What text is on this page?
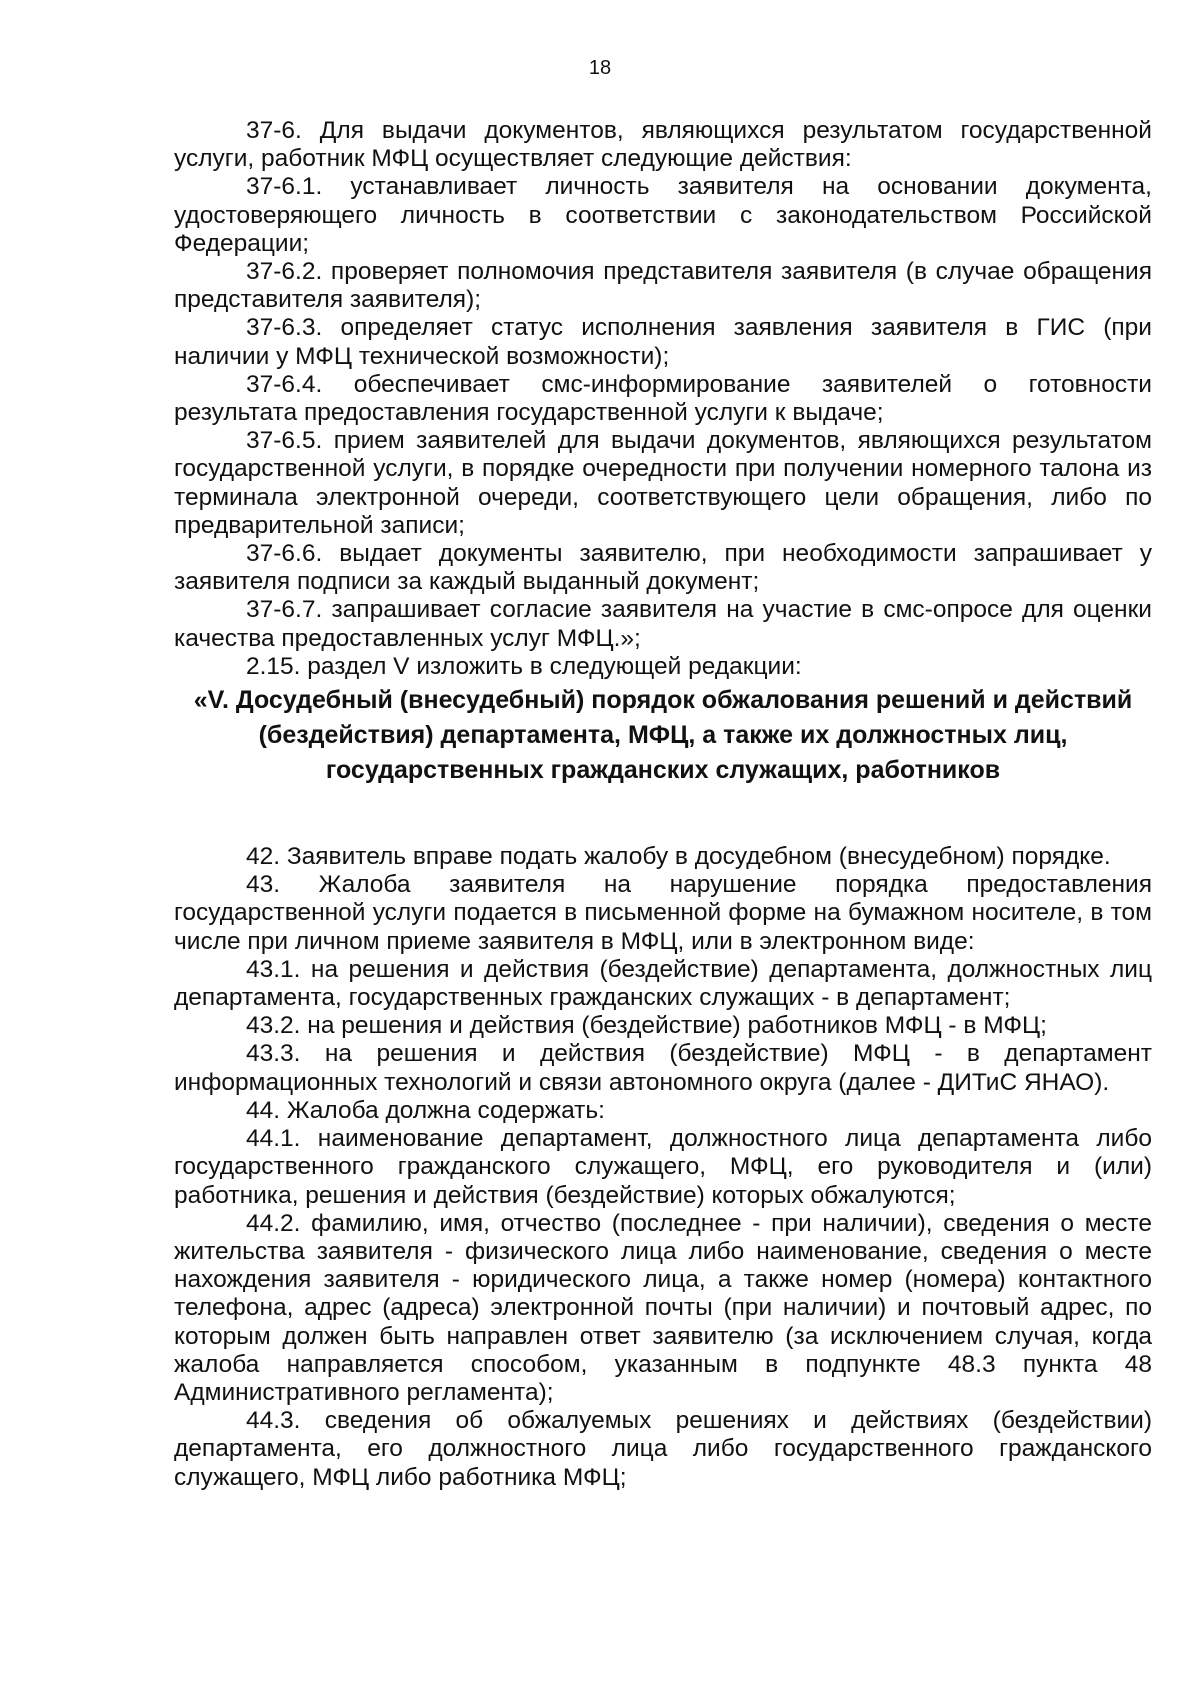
18

37-6. Для выдачи документов, являющихся результатом государственной услуги, работник МФЦ осуществляет следующие действия:

37-6.1. устанавливает личность заявителя на основании документа, удостоверяющего личность в соответствии с законодательством Российской Федерации;

37-6.2. проверяет полномочия представителя заявителя (в случае обращения представителя заявителя);

37-6.3. определяет статус исполнения заявления заявителя в ГИС (при наличии у МФЦ технической возможности);

37-6.4. обеспечивает смс-информирование заявителей о готовности результата предоставления государственной услуги к выдаче;

37-6.5. прием заявителей для выдачи документов, являющихся результатом государственной услуги, в порядке очередности при получении номерного талона из терминала электронной очереди, соответствующего цели обращения, либо по предварительной записи;

37-6.6. выдает документы заявителю, при необходимости запрашивает у заявителя подписи за каждый выданный документ;

37-6.7. запрашивает согласие заявителя на участие в смс-опросе для оценки качества предоставленных услуг МФЦ.»;

2.15. раздел V изложить в следующей редакции:

«V. Досудебный (внесудебный) порядок обжалования решений и действий (бездействия) департамента, МФЦ, а также их должностных лиц, государственных гражданских служащих, работников

42. Заявитель вправе подать жалобу в досудебном (внесудебном) порядке.

43. Жалоба заявителя на нарушение порядка предоставления государственной услуги подается в письменной форме на бумажном носителе, в том числе при личном приеме заявителя в МФЦ, или в электронном виде:

43.1. на решения и действия (бездействие) департамента, должностных лиц департамента, государственных гражданских служащих - в департамент;

43.2. на решения и действия (бездействие) работников МФЦ - в МФЦ;

43.3. на решения и действия (бездействие) МФЦ - в департамент информационных технологий и связи автономного округа (далее - ДИТиС ЯНАО).

44. Жалоба должна содержать:

44.1. наименование департамент, должностного лица департамента либо государственного гражданского служащего, МФЦ, его руководителя и (или) работника, решения и действия (бездействие) которых обжалуются;

44.2. фамилию, имя, отчество (последнее - при наличии), сведения о месте жительства заявителя - физического лица либо наименование, сведения о месте нахождения заявителя - юридического лица, а также номер (номера) контактного телефона, адрес (адреса) электронной почты (при наличии) и почтовый адрес, по которым должен быть направлен ответ заявителю (за исключением случая, когда жалоба направляется способом, указанным в подпункте 48.3 пункта 48 Административного регламента);

44.3. сведения об обжалуемых решениях и действиях (бездействии) департамента, его должностного лица либо государственного гражданского служащего, МФЦ либо работника МФЦ;
